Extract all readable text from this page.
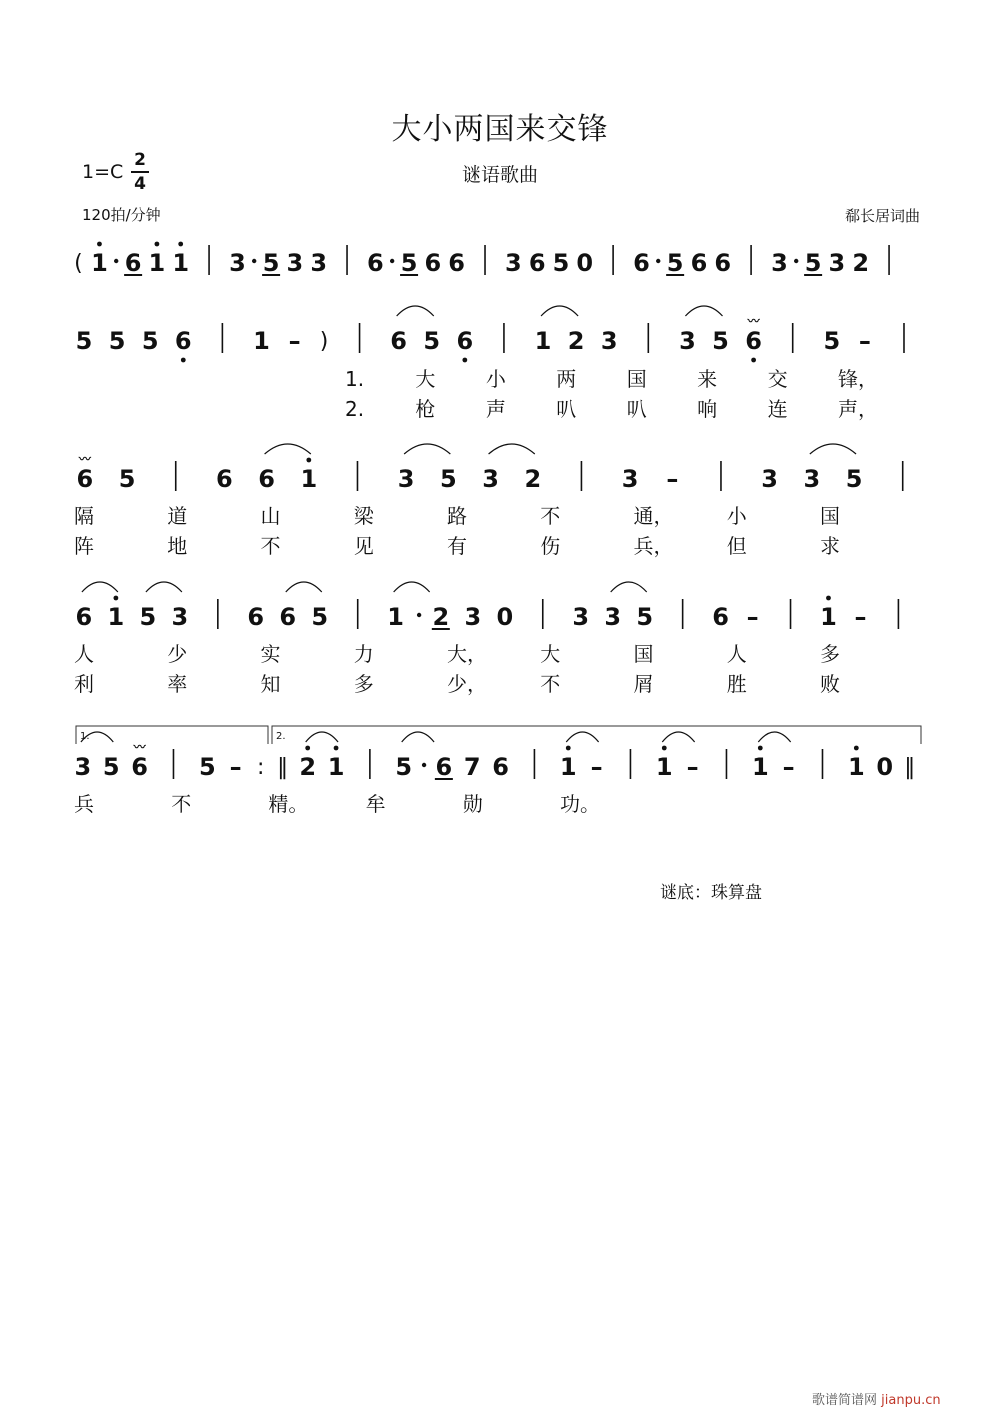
大小两国来交锋
谜语歌曲
1=C
2
4
120拍/分钟	郗长居词曲
( 1 6 1 1 3 5 3 3 6 5 6 6 3 6 5 0 6 5 6 6 3 5 3 2
5 5 5 6	1 – )	6 5 6	1 2 3	3 5 6
〰
5 –
6
〰
5	6 6 1	3 5 3 2	3 –	3 3 5
6 1 5 3 6 6 5 1 2 3 0 3 3 5 6 –	1 –
3 5 6
〰
5 – : ‖ 2 1 5 6 7 6 1 – 1 – 1 – 1 0 ‖
1.	大	小	两	国	来	交	锋，
2.	枪	声	叭	叭	响	连	声，
隔	道	山	梁	路	不	通，	小	国
阵	地	不	见	有	伤	兵，	但	求
人	少	实	力	大，	大	国	人	多
利	率	知	多	少，	不	屑	胜	败
兵	不	精。	牟	勋	功。
1.	2.
谜底：珠算盘
歌谱简谱网 jianpu.cn
